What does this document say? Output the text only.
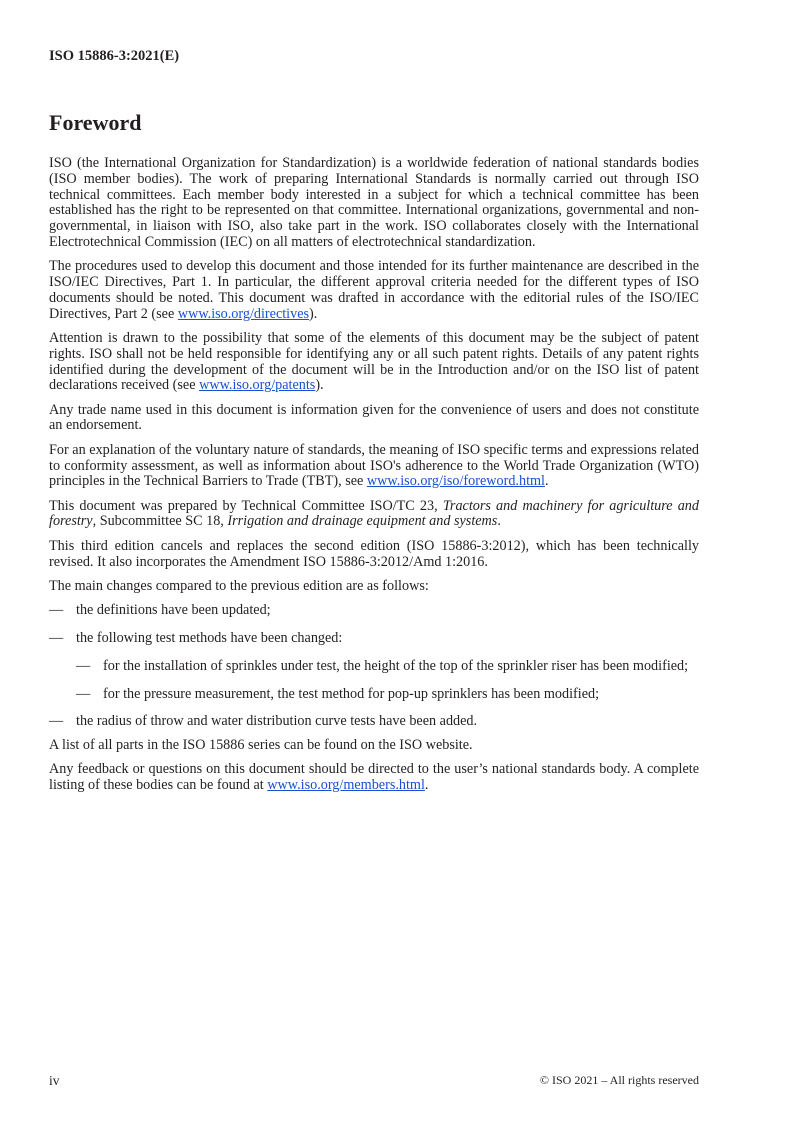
ISO 15886-3:2021(E)
Foreword

ISO (the International Organization for Standardization) is a worldwide federation of national standards bodies (ISO member bodies). The work of preparing International Standards is normally carried out through ISO technical committees. Each member body interested in a subject for which a technical committee has been established has the right to be represented on that committee. International organizations, governmental and non-governmental, in liaison with ISO, also take part in the work. ISO collaborates closely with the International Electrotechnical Commission (IEC) on all matters of electrotechnical standardization.

The procedures used to develop this document and those intended for its further maintenance are described in the ISO/IEC Directives, Part 1. In particular, the different approval criteria needed for the different types of ISO documents should be noted. This document was drafted in accordance with the editorial rules of the ISO/IEC Directives, Part 2 (see www.iso.org/directives).

Attention is drawn to the possibility that some of the elements of this document may be the subject of patent rights. ISO shall not be held responsible for identifying any or all such patent rights. Details of any patent rights identified during the development of the document will be in the Introduction and/or on the ISO list of patent declarations received (see www.iso.org/patents).

Any trade name used in this document is information given for the convenience of users and does not constitute an endorsement.

For an explanation of the voluntary nature of standards, the meaning of ISO specific terms and expressions related to conformity assessment, as well as information about ISO's adherence to the World Trade Organization (WTO) principles in the Technical Barriers to Trade (TBT), see www.iso.org/iso/foreword.html.

This document was prepared by Technical Committee ISO/TC 23, Tractors and machinery for agriculture and forestry, Subcommittee SC 18, Irrigation and drainage equipment and systems.

This third edition cancels and replaces the second edition (ISO 15886-3:2012), which has been technically revised. It also incorporates the Amendment ISO 15886-3:2012/Amd 1:2016.

The main changes compared to the previous edition are as follows:

— the definitions have been updated;
— the following test methods have been changed:
— for the installation of sprinkles under test, the height of the top of the sprinkler riser has been modified;
— for the pressure measurement, the test method for pop-up sprinklers has been modified;
— the radius of throw and water distribution curve tests have been added.

A list of all parts in the ISO 15886 series can be found on the ISO website.

Any feedback or questions on this document should be directed to the user’s national standards body. A complete listing of these bodies can be found at www.iso.org/members.html.

iv	© ISO 2021 – All rights reserved
